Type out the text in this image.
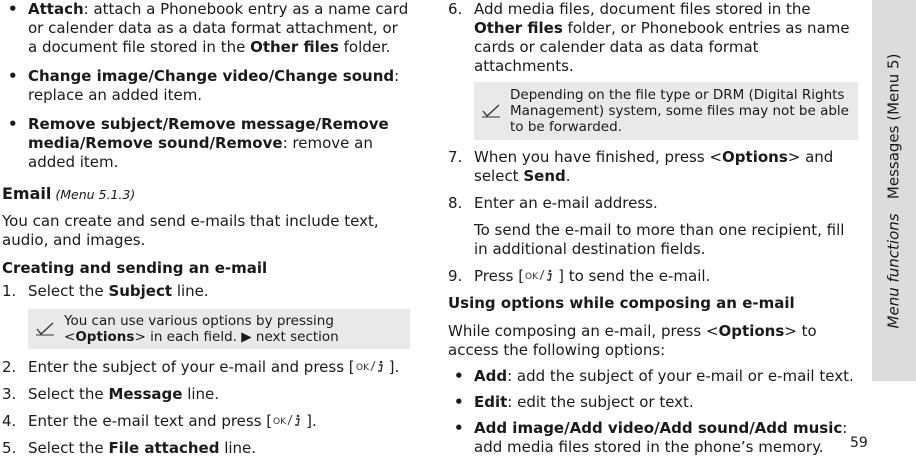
• Attach: attach a Phonebook entry as a name card or calender data as a data format attachment, or a document file stored in the Other files folder.

• Change image/Change video/Change sound: replace an added item.

• Remove subject/Remove message/Remove media/Remove sound/Remove: remove an added item.

Email (Menu 5.1.3)

You can create and send e-mails that include text, audio, and images.

Creating and sending an e-mail

1. Select the Subject line.

You can use various options by pressing
<Options> in each field. ▶ next section

2. Enter the subject of your e-mail and press [ OK ].

3. Select the Message line.

4. Enter the e-mail text and press [ OK ].

5. Select the File attached line.

6. Add media files, document files stored in the Other files folder, or Phonebook entries as name cards or calender data as data format attachments.

Depending on the file type or DRM (Digital Rights Management) system, some files may not be able to be forwarded.

7. When you have finished, press <Options> and select Send.

8. Enter an e-mail address.

To send the e-mail to more than one recipient, fill in additional destination fields.

9. Press [ OK ] to send the e-mail.

Using options while composing an e-mail

While composing an e-mail, press <Options> to access the following options:

• Add: add the subject of your e-mail or e-mail text.

• Edit: edit the subject or text.

• Add image/Add video/Add sound/Add music: add media files stored in the phone’s memory.

Menu functions   Messages (Menu 5)
59
